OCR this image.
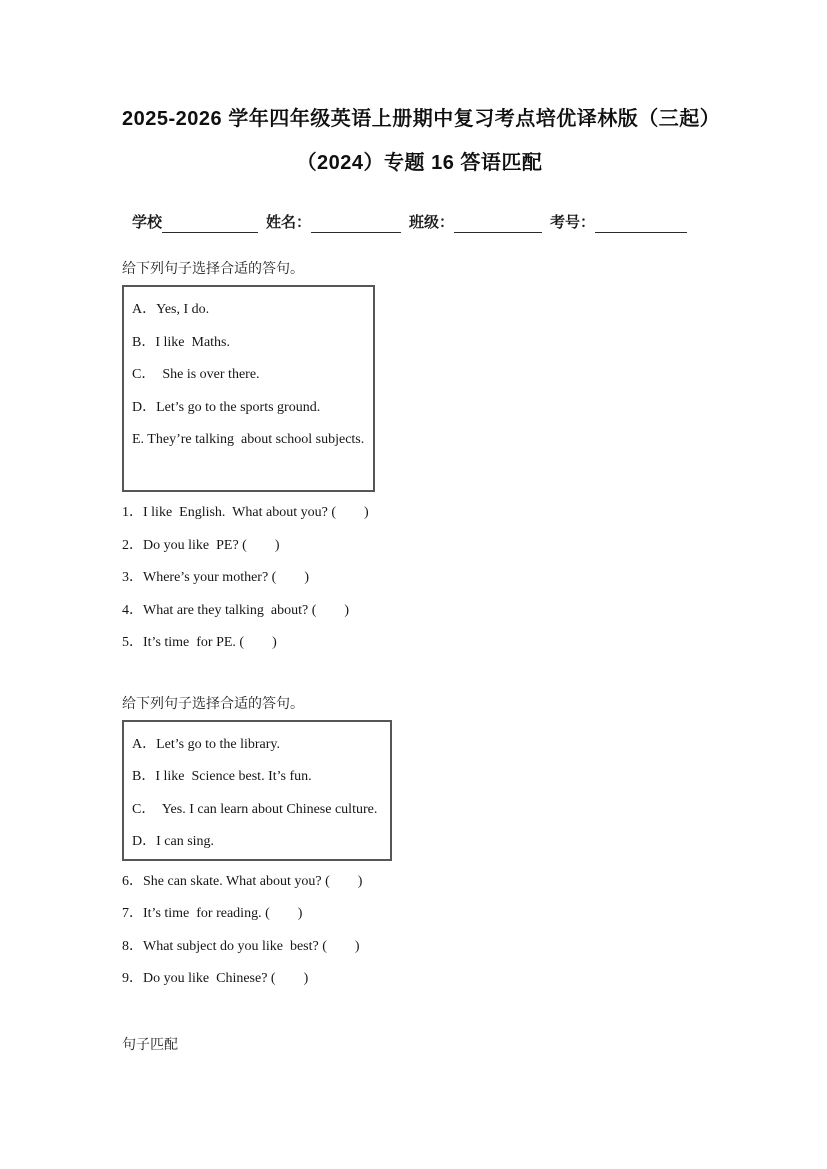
2025-2026 学年四年级英语上册期中复习考点培优译林版（三起）
（2024）专题 16 答语匹配
学校	姓名：	班级：	考号：
给下列句子选择合适的答句。
A．Yes, I do.
B．I like  Maths.
C．  She is over there.
D．Let’s go to the sports ground.
E. They’re talking  about school subjects.
1．I like  English.  What about you? (        )
2．Do you like  PE? (        )
3．Where’s your mother? (        )
4．What are they talking  about? (        )
5．It’s time  for PE. (        )
给下列句子选择合适的答句。
A．Let’s go to the library.
B．I like  Science best. It’s fun.
C．  Yes. I can learn about Chinese culture.
D．I can sing.
6．She can skate. What about you? (        )
7．It’s time  for reading. (        )
8．What subject do you like  best? (        )
9．Do you like  Chinese? (        )
句子匹配
